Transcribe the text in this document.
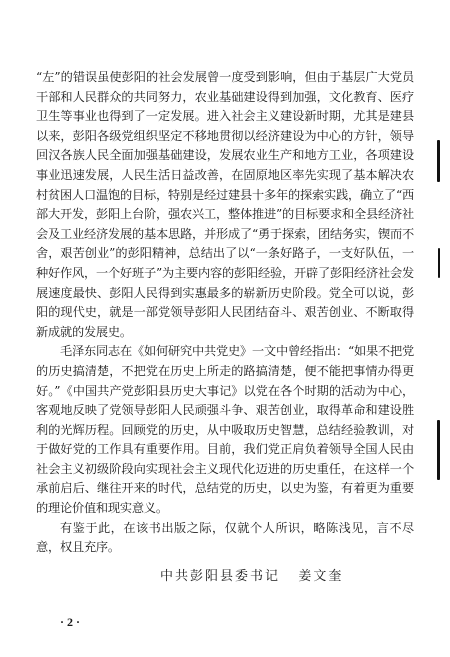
“左”的错误虽使彭阳的社会发展曾一度受到影响，但由于基层广大党员干部和人民群众的共同努力，农业基础建设得到加强，文化教育、医疗卫生等事业也得到了一定发展。进入社会主义建设新时期，尤其是建县以来，彭阳各级党组织坚定不移地贯彻以经济建设为中心的方针，领导回汉各族人民全面加强基础建设，发展农业生产和地方工业，各项建设事业迅速发展，人民生活日益改善，在固原地区率先实现了基本解决农村贫困人口温饱的目标，特别是经过建县十多年的探索实践，确立了“西部大开发，彭阳上台阶，强农兴工，整体推进”的目标要求和全县经济社会及工业经济发展的基本思路，并形成了“勇于探索，团结务实，锲而不舍，艰苦创业”的彭阳精神，总结出了以“一条好路子，一支好队伍，一种好作风，一个好班子”为主要内容的彭阳经验，开辟了彭阳经济社会发展速度最快、彭阳人民得到实惠最多的崭新历史阶段。党全可以说，彭阳的现代史，就是一部党领导彭阳人民团结奋斗、艰苦创业、不断取得新成就的发展史。

毛泽东同志在《如何研究中共党史》一文中曾经指出：“如果不把党的历史搞清楚，不把党在历史上所走的路搞清楚，便不能把事情办得更好。”《中国共产党彭阳县历史大事记》以党在各个时期的活动为中心，客观地反映了党领导彭阳人民顽强斗争、艰苦创业，取得革命和建设胜利的光辉历程。回顾党的历史，从中吸取历史智慧，总结经验教训，对于做好党的工作具有重要作用。目前，我们党正肩负着领导全国人民由社会主义初级阶段向实现社会主义现代化迈进的历史重任，在这样一个承前启后、继往开来的时代，总结党的历史，以史为鉴，有着更为重要的理论价值和现实意义。

有鉴于此，在该书出版之际，仅就个人所识，略陈浅见，言不尽意，权且充序。

中共彭阳县委书记   姜文奎
· 2 ·
